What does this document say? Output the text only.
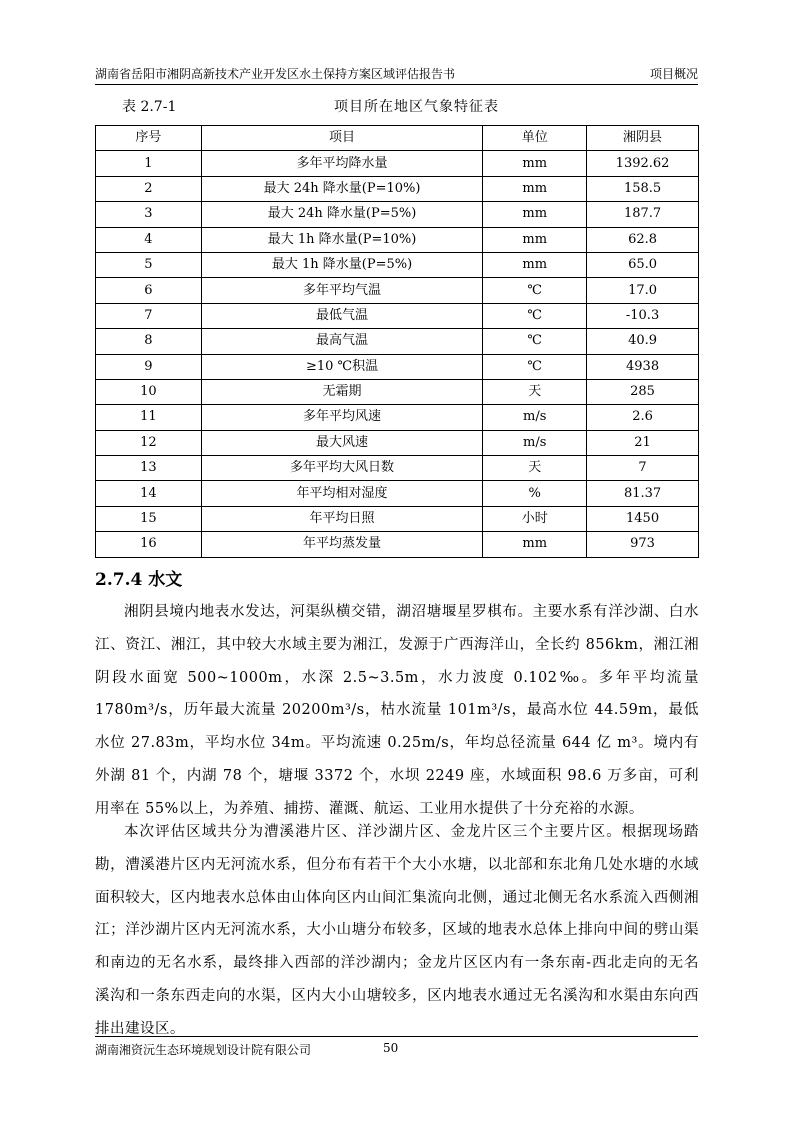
湖南省岳阳市湘阴高新技术产业开发区水土保持方案区域评估报告书	项目概况
表 2.7-1	项目所在地区气象特征表
序号	项目	单位	湘阴县
1	多年平均降水量	mm	1392.62
2	最大 24h 降水量(P=10%)	mm	158.5
3	最大 24h 降水量(P=5%)	mm	187.7
4	最大 1h 降水量(P=10%)	mm	62.8
5	最大 1h 降水量(P=5%)	mm	65.0
6	多年平均气温	℃	17.0
7	最低气温	℃	-10.3
8	最高气温	℃	40.9
9	≥10 ℃积温	℃	4938
10	无霜期	天	285
11	多年平均风速	m/s	2.6
12	最大风速	m/s	21
13	多年平均大风日数	天	7
14	年平均相对湿度	%	81.37
15	年平均日照	小时	1450
16	年平均蒸发量	mm	973
2.7.4 水文

湘阴县境内地表水发达，河渠纵横交错，湖沼塘堰星罗棋布。主要水系有洋沙湖、白水江、资江、湘江，其中较大水域主要为湘江，发源于广西海洋山，全长约 856km，湘江湘阴段水面宽 500~1000m，水深 2.5~3.5m，水力波度 0.102‰。多年平均流量 1780m³/s，历年最大流量 20200m³/s，枯水流量 101m³/s，最高水位 44.59m，最低水位 27.83m，平均水位 34m。平均流速 0.25m/s，年均总径流量 644 亿 m³。境内有外湖 81 个，内湖 78 个，塘堰 3372 个，水坝 2249 座，水域面积 98.6 万多亩，可利用率在 55%以上，为养殖、捕捞、灌溉、航运、工业用水提供了十分充裕的水源。

本次评估区域共分为漕溪港片区、洋沙湖片区、金龙片区三个主要片区。根据现场踏勘，漕溪港片区内无河流水系，但分布有若干个大小水塘，以北部和东北角几处水塘的水域面积较大，区内地表水总体由山体向区内山间汇集流向北侧，通过北侧无名水系流入西侧湘江；洋沙湖片区内无河流水系，大小山塘分布较多，区域的地表水总体上排向中间的劈山渠和南边的无名水系，最终排入西部的洋沙湖内；金龙片区区内有一条东南-西北走向的无名溪沟和一条东西走向的水渠，区内大小山塘较多，区内地表水通过无名溪沟和水渠由东向西排出建设区。

湖南湘资沅生态环境规划设计院有限公司	50
